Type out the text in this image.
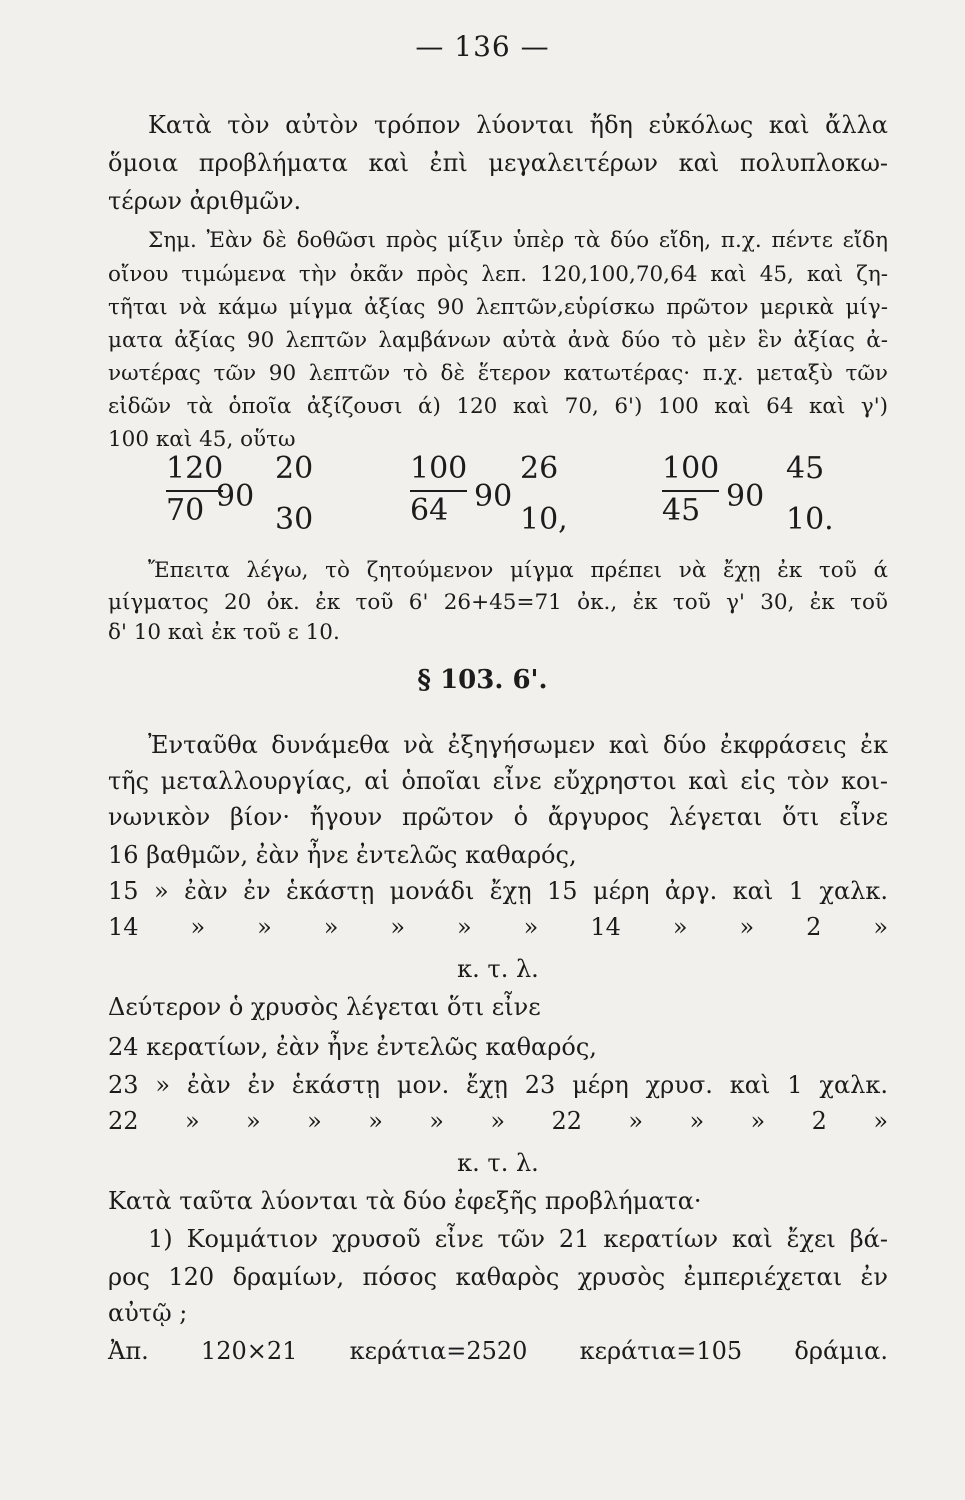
— 136 —
Κατὰ τὸν αὐτὸν τρόπον λύονται ἤδη εὐκόλως καὶ ἄλλα
ὅμοια προβλήματα καὶ ἐπὶ μεγαλειτέρων καὶ πολυπλοκω-
τέρων ἀριθμῶν.
Σημ. Ἐὰν δὲ δοθῶσι πρὸς μίξιν ὑπὲρ τὰ δύο εἴδη, π.χ. πέντε εἴδη
οἴνου τιμώμενα τὴν ὀκᾶν πρὸς λεπ. 120,100,70,64 καὶ 45, καὶ ζη-
τῆται νὰ κάμω μίγμα ἀξίας 90 λεπτῶν,εὑρίσκω πρῶτον μερικὰ μίγ-
ματα ἀξίας 90 λεπτῶν λαμβάνων αὐτὰ ἀνὰ δύο τὸ μὲν ἓν ἀξίας ἀ-
νωτέρας τῶν 90 λεπτῶν τὸ δὲ ἕτερον κατωτέρας· π.χ. μεταξὺ τῶν
εἰδῶν τὰ ὁποῖα ἀξίζουσι ά) 120 καὶ 70, 6') 100 καὶ 64 καὶ γ')
100 καὶ 45, οὕτω
$\frac{120}{70}$
90
20
30	$\frac{100}{64} 90$
26
10,	$\frac{100}{45} 90$
45
10.
Ἔπειτα λέγω, τὸ ζητούμενον μίγμα πρέπει νὰ ἔχῃ ἐκ τοῦ ά
μίγματος 20 ὀκ. ἐκ τοῦ 6' 26+45=71 ὀκ., ἐκ τοῦ γ' 30, ἐκ τοῦ
δ' 10 καὶ ἐκ τοῦ ε 10.
§ 103. 6'.
Ἐνταῦθα δυνάμεθα νὰ ἐξηγήσωμεν καὶ δύο ἐκφράσεις ἐκ
τῆς μεταλλουργίας, αἱ ὁποῖαι εἶνε εὔχρηστοι καὶ εἰς τὸν κοι-
νωνικὸν βίον· ἤγουν πρῶτον ὁ ἄργυρος λέγεται ὅτι εἶνε
16 βαθμῶν, ἐὰν ἦνε ἐντελῶς καθαρός,
15 » ἐὰν ἐν ἑκάστῃ μονάδι ἔχῃ 15 μέρη ἀργ. καὶ 1 χαλκ.
14 » » » » » » 14 » » 2 »
κ. τ. λ.
Δεύτερον ὁ χρυσὸς λέγεται ὅτι εἶνε
24 κερατίων, ἐὰν ἦνε ἐντελῶς καθαρός,
23 » ἐὰν ἐν ἑκάστῃ μον. ἔχῃ 23 μέρη χρυσ. καὶ 1 χαλκ.
22 » » » » » » 22 » » » 2 »
κ. τ. λ.
Κατὰ ταῦτα λύονται τὰ δύο ἐφεξῆς προβλήματα·
1) Κομμάτιον χρυσοῦ εἶνε τῶν 21 κερατίων καὶ ἔχει βά-
ρος 120 δραμίων, πόσος καθαρὸς χρυσὸς ἐμπεριέχεται ἐν
αὐτῷ ;
Ἀπ. 120×21 κεράτια=2520 κεράτια=105 δράμια.
